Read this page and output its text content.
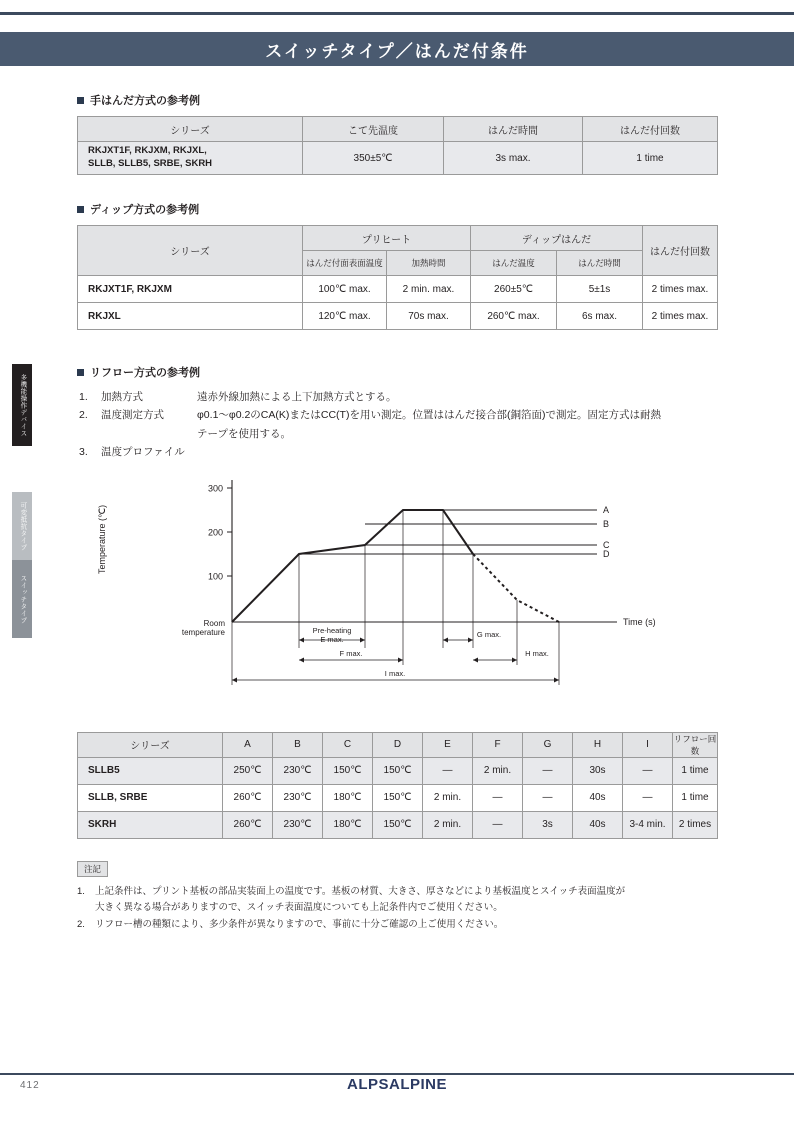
スイッチタイプ／はんだ付条件
多機能操作デバイス
可変抵抗タイプ
スイッチタイプ
手はんだ方式の参考例
シリーズ	こて先温度	はんだ時間	はんだ付回数

RKJXT1F, RKJXM, RKJXL,
SLLB, SLLB5, SRBE, SKRH	350±5℃	3s max.	1 time
ディップ方式の参考例
シリーズ	プリヒート		ディップはんだ		はんだ付回数
	はんだ付面表面温度	加熱時間	はんだ温度	はんだ時間	
RKJXT1F, RKJXM	100℃ max.	2 min. max.	260±5℃	5±1s	2 times max.
RKJXL	120℃ max.	70s max.	260℃ max.	6s max.	2 times max.
リフロー方式の参考例
1.	加熱方式	遠赤外線加熱による上下加熱方式とする。
2.	温度測定方式	φ0.1〜φ0.2のCA(K)またはCC(T)を用い測定。位置ははんだ接合部(銅箔面)で測定。固定方式は耐熱
テープを使用する。
3.	温度プロファイル
300
200
100
Temperature (℃)
Room
temperature
Time (s)
A
B
C
D
Pre-heating
E max.
G max.
F max.	H max.
I max.
シリーズ	A	B	C	D	E	F	G	H	I	リフロー回数
SLLB5	250℃	230℃	150℃	150℃	—	2 min.	—	30s	—	1 time
SLLB, SRBE	260℃	230℃	180℃	150℃	2 min.	—	—	40s	—	1 time
SKRH	260℃	230℃	180℃	150℃	2 min.	—	3s	40s	3-4 min.	2 times
注記
1.	上記条件は、プリント基板の部品実装面上の温度です。基板の材質、大きさ、厚さなどにより基板温度とスイッチ表面温度が
大きく異なる場合がありますので、スイッチ表面温度についても上記条件内でご使用ください。
2.	リフロー槽の種類により、多少条件が異なりますので、事前に十分ご確認の上ご使用ください。
412	ALPSALPINE
